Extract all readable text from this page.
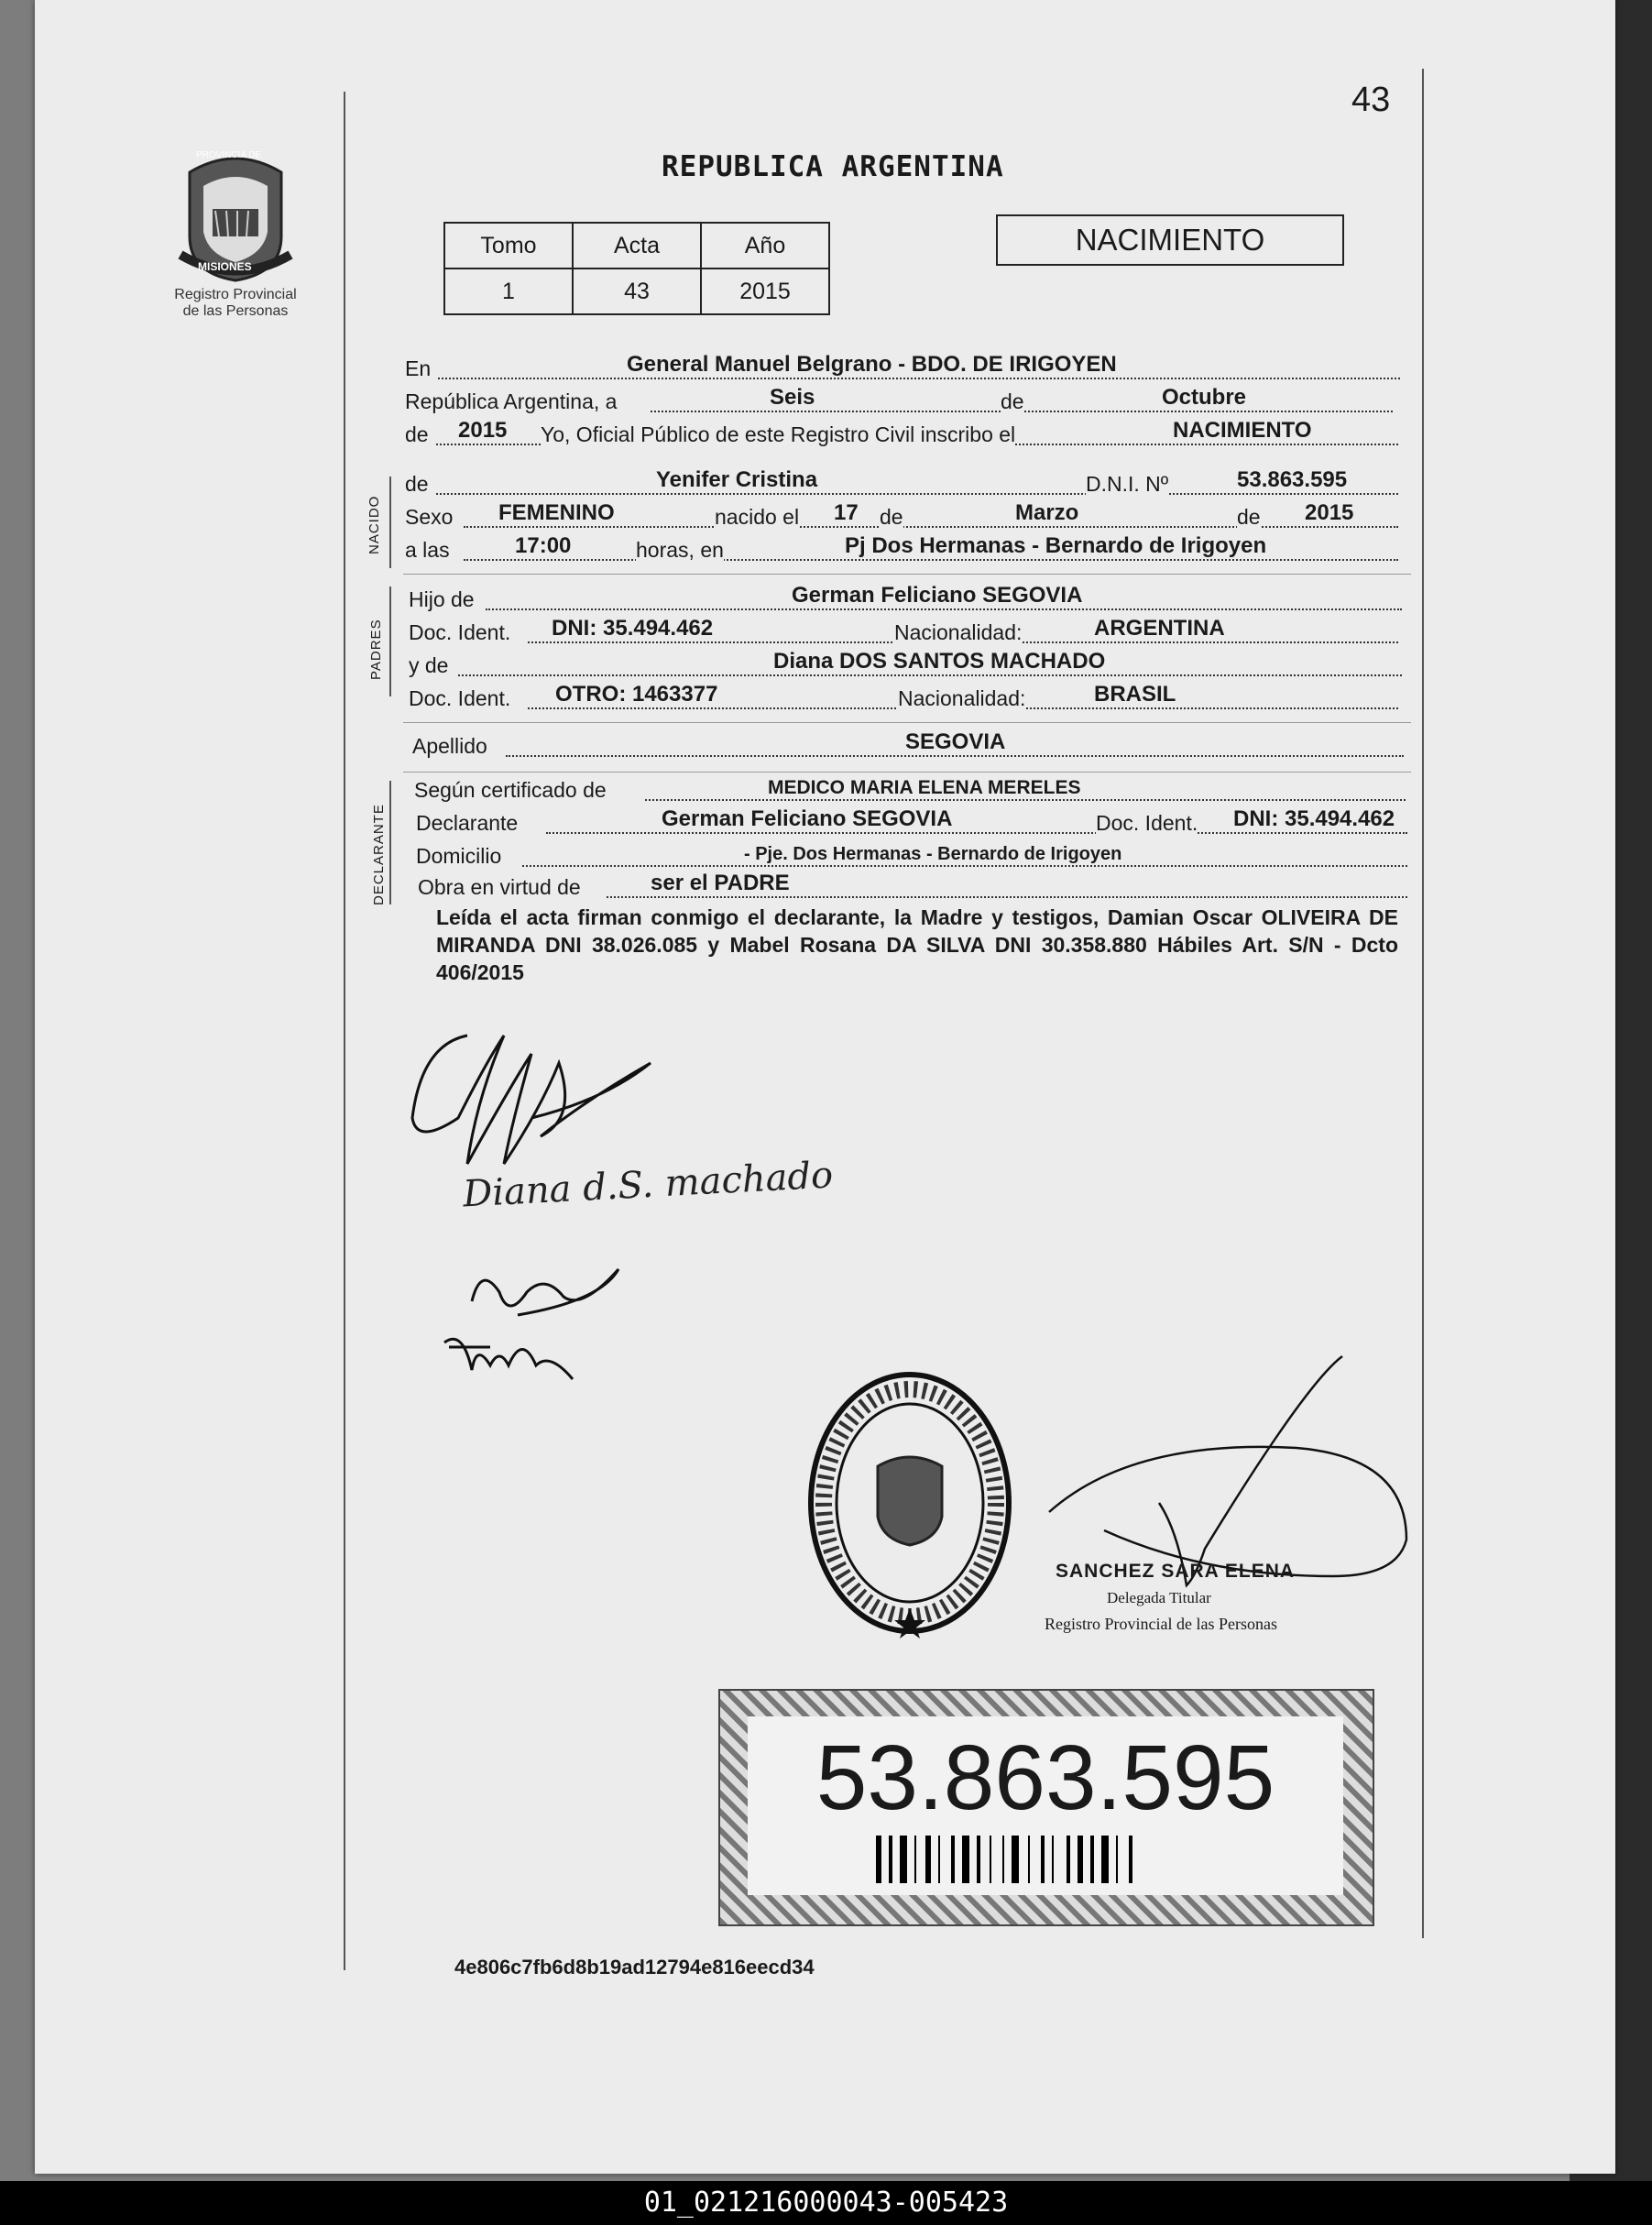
43
REPUBLICA ARGENTINA
PROVINCIA DE
MISIONES
Registro Provincial
de las Personas
Tomo	Acta	Año
1	43	2015
NACIMIENTO
En	General Manuel Belgrano - BDO. DE IRIGOYEN
República Argentina, a	Seis	de	Octubre
de 2015 Yo, Oficial Público de este Registro Civil inscribo el	NACIMIENTO
NACIDO
de	Yenifer Cristina	D.N.I. Nº	53.863.595
Sexo FEMENINO	nacido el 17 de	Marzo	de 2015
a las	17:00	horas, en	Pj Dos Hermanas - Bernardo de Irigoyen
PADRES
Hijo de	German Feliciano SEGOVIA
Doc. Ident. DNI: 35.494.462	Nacionalidad:	ARGENTINA
y de	Diana DOS SANTOS MACHADO
Doc. Ident. OTRO: 1463377	Nacionalidad:	BRASIL
Apellido	SEGOVIA
DECLARANTE
Según certificado de	MEDICO MARIA ELENA MERELES
Declarante	German Feliciano SEGOVIA	Doc. Ident. DNI: 35.494.462
Domicilio	- Pje. Dos Hermanas - Bernardo de Irigoyen
Obra en virtud de	ser el PADRE
Leída el acta firman conmigo el declarante, la Madre y testigos, Damian Oscar OLIVEIRA DE MIRANDA DNI 38.026.085 y Mabel Rosana DA SILVA DNI 30.358.880 Hábiles Art. S/N - Dcto 406/2015
Diana d.S. machado
SANCHEZ SARA ELENA
Delegada Titular
Registro Provincial de las Personas
53.863.595
4e806c7fb6d8b19ad12794e816eecd34
01_021216000043-005423
